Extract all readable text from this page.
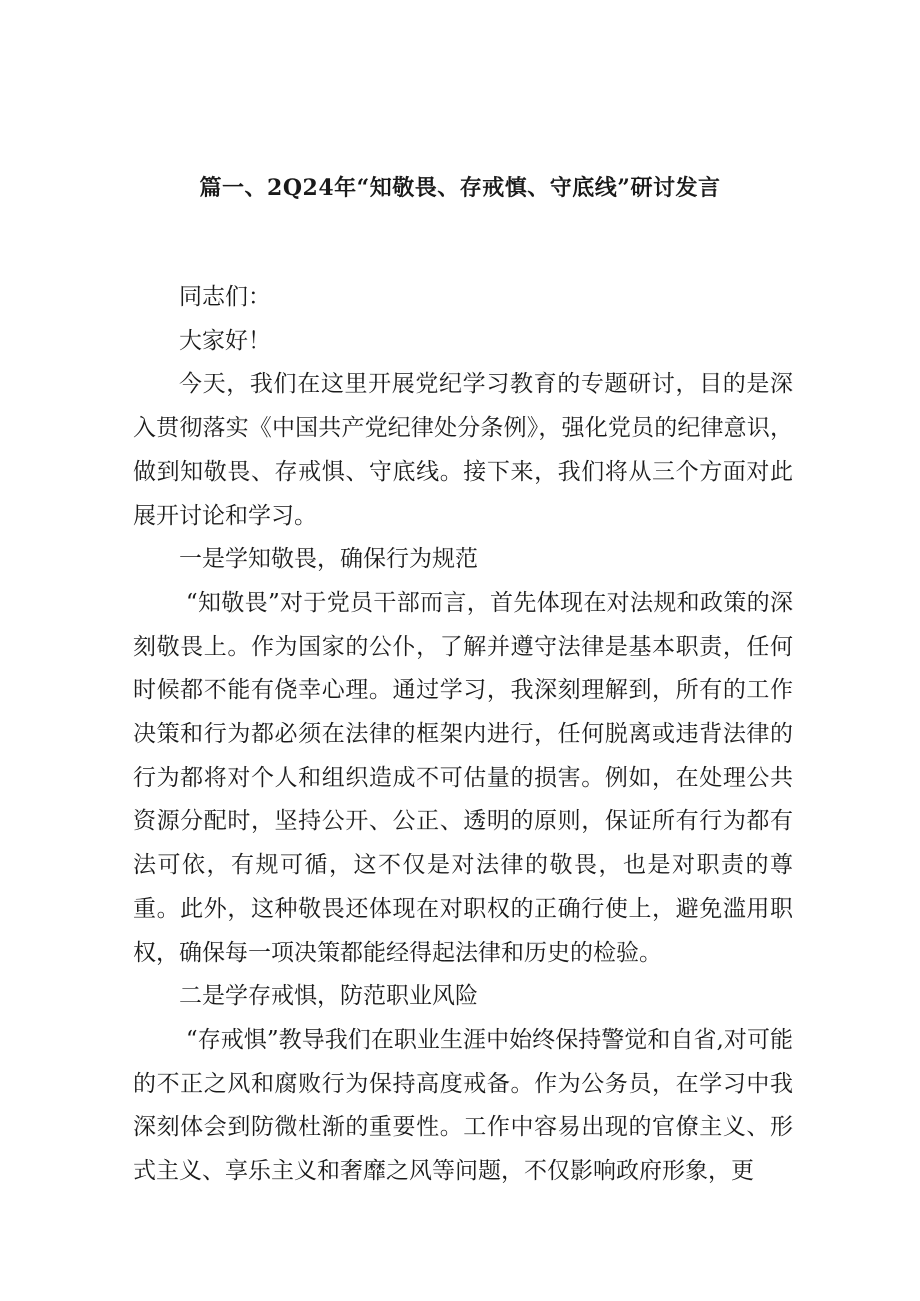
篇一、2Q24年“知敬畏、存戒慎、守底线”研讨发言

同志们：

大家好！

今天，我们在这里开展党纪学习教育的专题研讨，目的是深入贯彻落实《中国共产党纪律处分条例》，强化党员的纪律意识，做到知敬畏、存戒惧、守底线。接下来，我们将从三个方面对此展开讨论和学习。

一是学知敬畏，确保行为规范

“知敬畏”对于党员干部而言，首先体现在对法规和政策的深刻敬畏上。作为国家的公仆，了解并遵守法律是基本职责，任何时候都不能有侥幸心理。通过学习，我深刻理解到，所有的工作决策和行为都必须在法律的框架内进行，任何脱离或违背法律的行为都将对个人和组织造成不可估量的损害。例如，在处理公共资源分配时，坚持公开、公正、透明的原则，保证所有行为都有法可依，有规可循，这不仅是对法律的敬畏，也是对职责的尊重。此外，这种敬畏还体现在对职权的正确行使上，避免滥用职权，确保每一项决策都能经得起法律和历史的检验。

二是学存戒惧，防范职业风险

“存戒惧”教导我们在职业生涯中始终保持警觉和自省,对可能的不正之风和腐败行为保持高度戒备。作为公务员，在学习中我深刻体会到防微杜渐的重要性。工作中容易出现的官僚主义、形式主义、享乐主义和奢靡之风等问题，不仅影响政府形象，更
